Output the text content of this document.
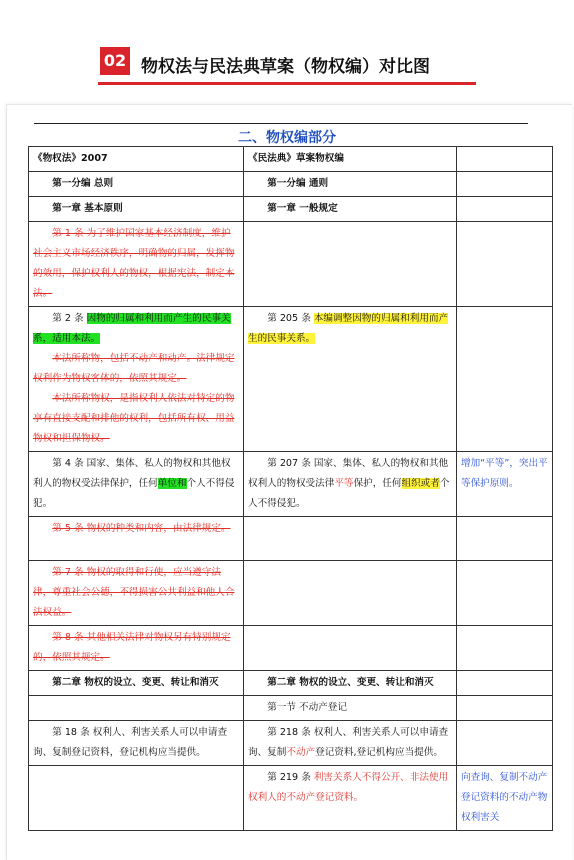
02 物权法与民法典草案（物权编）对比图
二、物权编部分
《物权法》2007	《民法典》草案物权编	
第一分编 总则	第一分编 通则	
第一章 基本原则	第一章 一般规定	
第 1 条 为了维护国家基本经济制度，维护社会主义市场经济秩序，明确物的归属，发挥物的效用，保护权利人的物权，根据宪法，制定本法。		

第 2 条 因物的归属和利用而产生的民事关系，适用本法。
本法所称物，包括不动产和动产。法律规定权利作为物权客体的，依照其规定。
本法所称物权，是指权利人依法对特定的物享有直接支配和排他的权利，包括所有权、用益物权和担保物权。	第 205 条 本编调整因物的归属和利用而产生的民事关系。	

第 4 条 国家、集体、私人的物权和其他权利人的物权受法律保护，任何单位和个人不得侵犯。	第 207 条 国家、集体、私人的物权和其他权利人的物权受法律平等保护，任何组织或者个人不得侵犯。	增加“平等”，突出平等保护原则。
第 5 条 物权的种类和内容，由法律规定。		
第 7 条 物权的取得和行使，应当遵守法律，尊重社会公德，不得损害公共利益和他人合法权益。		
第 8 条 其他相关法律对物权另有特别规定的，依照其规定。		
第二章 物权的设立、变更、转让和消灭	第二章 物权的设立、变更、转让和消灭	
	第一节 不动产登记	
第 18 条 权利人、利害关系人可以申请查询、复制登记资料，登记机构应当提供。	第 218 条 权利人、利害关系人可以申请查询、复制不动产登记资料,登记机构应当提供。	
	第 219 条 利害关系人不得公开、非法使用权利人的不动产登记资料。	向查询、复制不动产登记资料的不动产物权利害关
